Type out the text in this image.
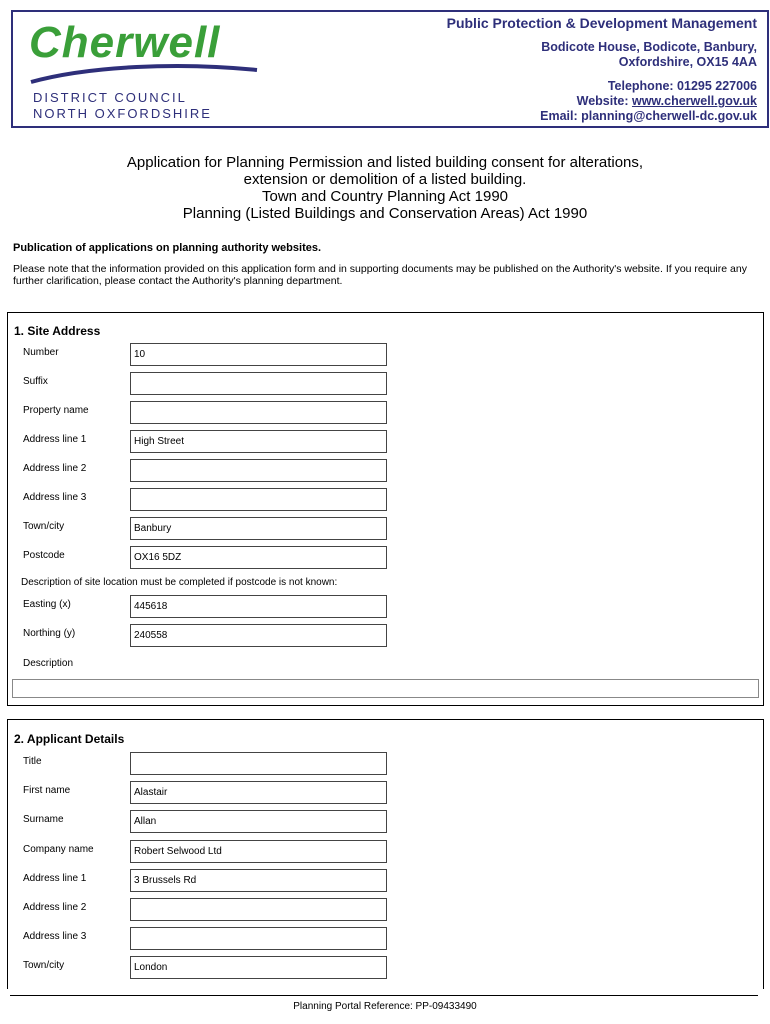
Cherwell
DISTRICT COUNCIL
NORTH OXFORDSHIRE
Public Protection & Development Management
Bodicote House, Bodicote, Banbury,
Oxfordshire, OX15 4AA
Telephone: 01295 227006
Website: www.cherwell.gov.uk
Email: planning@cherwell-dc.gov.uk
Application for Planning Permission and listed building consent for alterations,
extension or demolition of a listed building.
Town and Country Planning Act 1990
Planning (Listed Buildings and Conservation Areas) Act 1990
Publication of applications on planning authority websites.
Please note that the information provided on this application form and in supporting documents may be published on the Authority's website. If you require any further clarification, please contact the Authority's planning department.
1. Site Address
Number	10
Suffix
Property name
Address line 1	High Street
Address line 2
Address line 3
Town/city	Banbury
Postcode	OX16 5DZ
Description of site location must be completed if postcode is not known:
Easting (x)	445618
Northing (y)	240558
Description
2. Applicant Details
Title
First name	Alastair
Surname	Allan
Company name	Robert Selwood Ltd
Address line 1	3 Brussels Rd
Address line 2
Address line 3
Town/city	London
Planning Portal Reference: PP-09433490
